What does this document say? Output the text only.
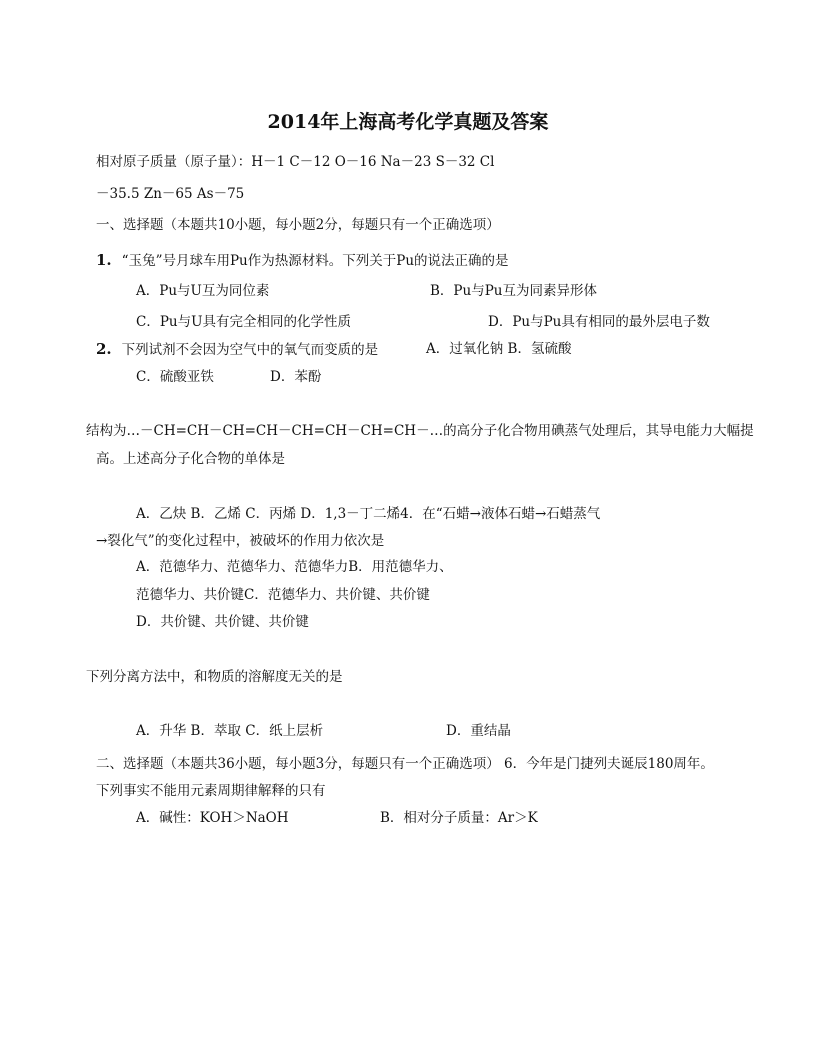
2014年上海高考化学真题及答案
相对原子质量（原子量）：H－1 C－12 O－16 Na－23 S－32 Cl
－35.5 Zn－65 As－75
一、选择题（本题共10小题，每小题2分，每题只有一个正确选项）
1. “玉兔”号月球车用Pu作为热源材料。下列关于Pu的说法正确的是
A．Pu与U互为同位素	B．Pu与Pu互为同素异形体
C．Pu与U具有完全相同的化学性质	D．Pu与Pu具有相同的最外层电子数
2. 下列试剂不会因为空气中的氧气而变质的是	A．过氧化钠 B．氢硫酸
C．硫酸亚铁	D．苯酚
结构为…－CH=CH－CH=CH－CH=CH－CH=CH－…的高分子化合物用碘蒸气处理后，其导电能力大幅提
高。上述高分子化合物的单体是
A．乙炔 B．乙烯 C．丙烯 D．1,3－丁二烯4．在“石蜡→液体石蜡→石蜡蒸气
→裂化气”的变化过程中，被破坏的作用力依次是
A．范德华力、范德华力、范德华力B．用范德华力、
范德华力、共价键C．范德华力、共价键、共价键
D．共价键、共价键、共价键
下列分离方法中，和物质的溶解度无关的是
A．升华 B．萃取 C．纸上层析	D．重结晶
二、选择题（本题共36小题，每小题3分，每题只有一个正确选项） 6．今年是门捷列夫诞辰180周年。
下列事实不能用元素周期律解释的只有
A．碱性：KOH＞NaOH	B．相对分子质量：Ar＞K
